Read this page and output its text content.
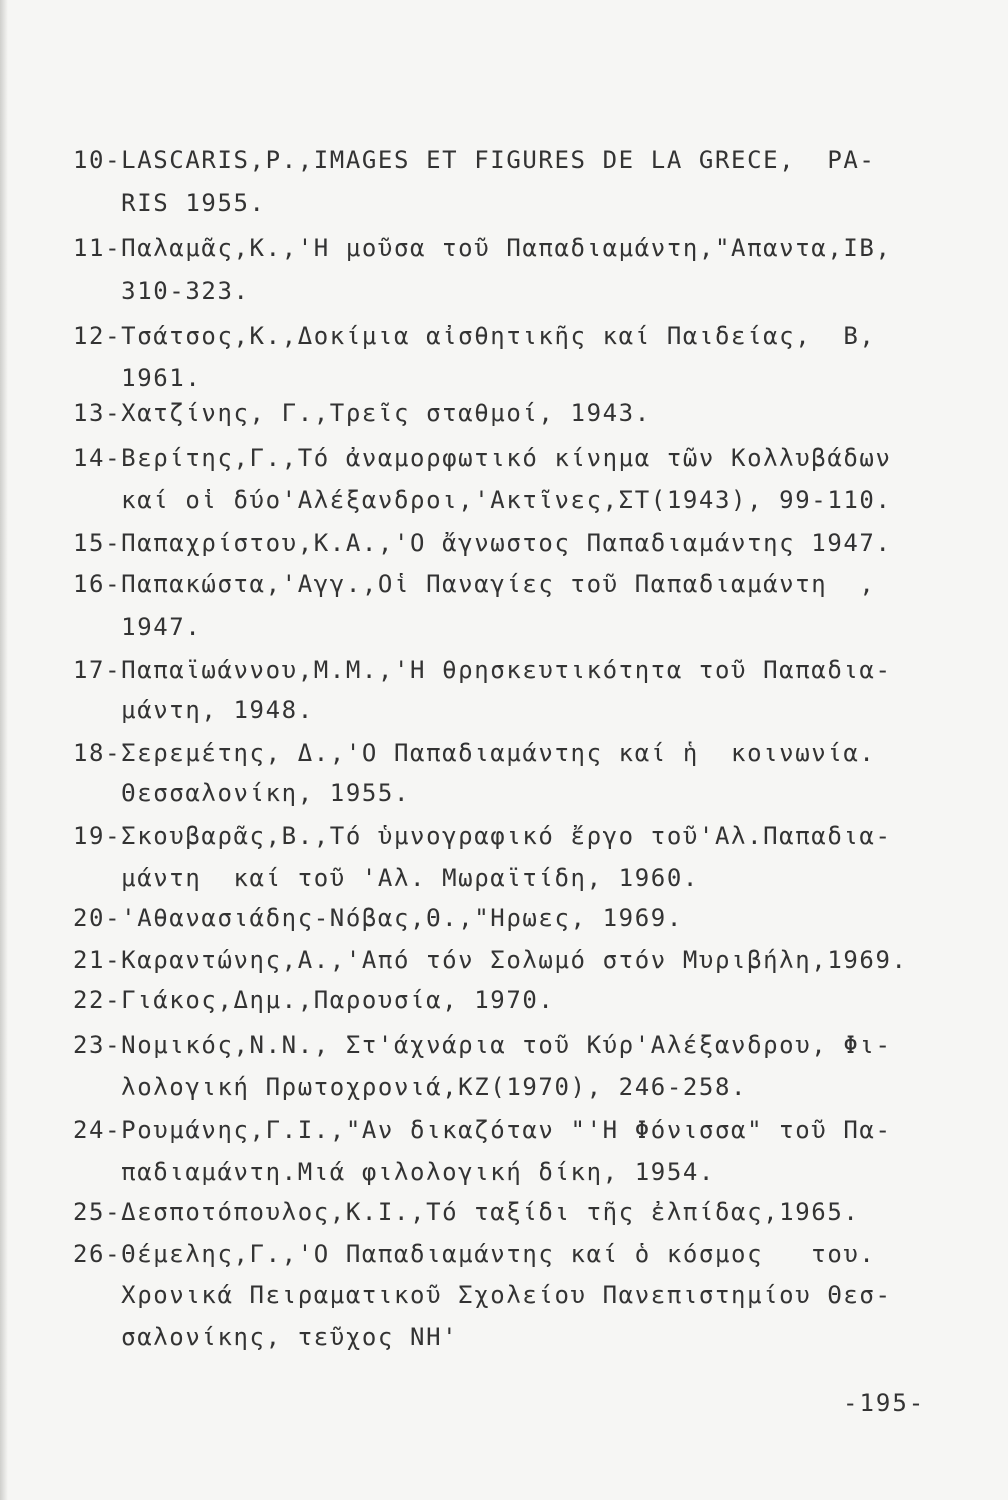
10-LASCARIS,P.,IMAGES ET FIGURES DE LA GRECE,  PA-
RIS 1955.
11-Παλαμᾶς,Κ.,'Η μοῦσα τοῦ Παπαδιαμάντη,"Απαντα,ΙΒ,
310-323.
12-Τσάτσος,Κ.,Δοκίμια αἰσθητικῆς καί Παιδείας,  Β,
1961.
13-Χατζίνης, Γ.,Τρεῖς σταθμοί, 1943.
14-Βερίτης,Γ.,Τό ἀναμορφωτικό κίνημα τῶν Κολλυβάδων
καί οἱ δύο'Αλέξανδροι,'Ακτῖνες,ΣΤ(1943), 99-110.
15-Παπαχρίστου,Κ.Α.,'Ο ἄγνωστος Παπαδιαμάντης 1947.
16-Παπακώστα,'Αγγ.,Οἱ Παναγίες τοῦ Παπαδιαμάντη  ,
1947.
17-Παπαϊωάννου,Μ.Μ.,'Η θρησκευτικότητα τοῦ Παπαδια-
μάντη, 1948.
18-Σερεμέτης, Δ.,'Ο Παπαδιαμάντης καί ἡ  κοινωνία.
Θεσσαλονίκη, 1955.
19-Σκουβαρᾶς,Β.,Τό ὑμνογραφικό ἔργο τοῦ'Αλ.Παπαδια-
μάντη  καί τοῦ 'Αλ. Μωραϊτίδη, 1960.
20-'Αθανασιάδης-Νόβας,Θ.,"Ηρωες, 1969.
21-Καραντώνης,Α.,'Από τόν Σολωμό στόν Μυριβήλη,1969.
22-Γιάκος,Δημ.,Παρουσία, 1970.
23-Νομικός,Ν.Ν., Στ'άχνάρια τοῦ Κύρ'Αλέξανδρου, Φι-
λολογική Πρωτοχρονιά,ΚΖ(1970), 246-258.
24-Ρουμάνης,Γ.Ι.,"Αν δικαζόταν "'Η Φόνισσα" τοῦ Πα-
παδιαμάντη.Μιά φιλολογική δίκη, 1954.
25-Δεσποτόπουλος,Κ.Ι.,Τό ταξίδι τῆς ἐλπίδας,1965.
26-Θέμελης,Γ.,'Ο Παπαδιαμάντης καί ὁ κόσμος   του.
Χρονικά Πειραματικοῦ Σχολείου Πανεπιστημίου Θεσ-
σαλονίκης, τεῦχος ΝΗ'
-195-
